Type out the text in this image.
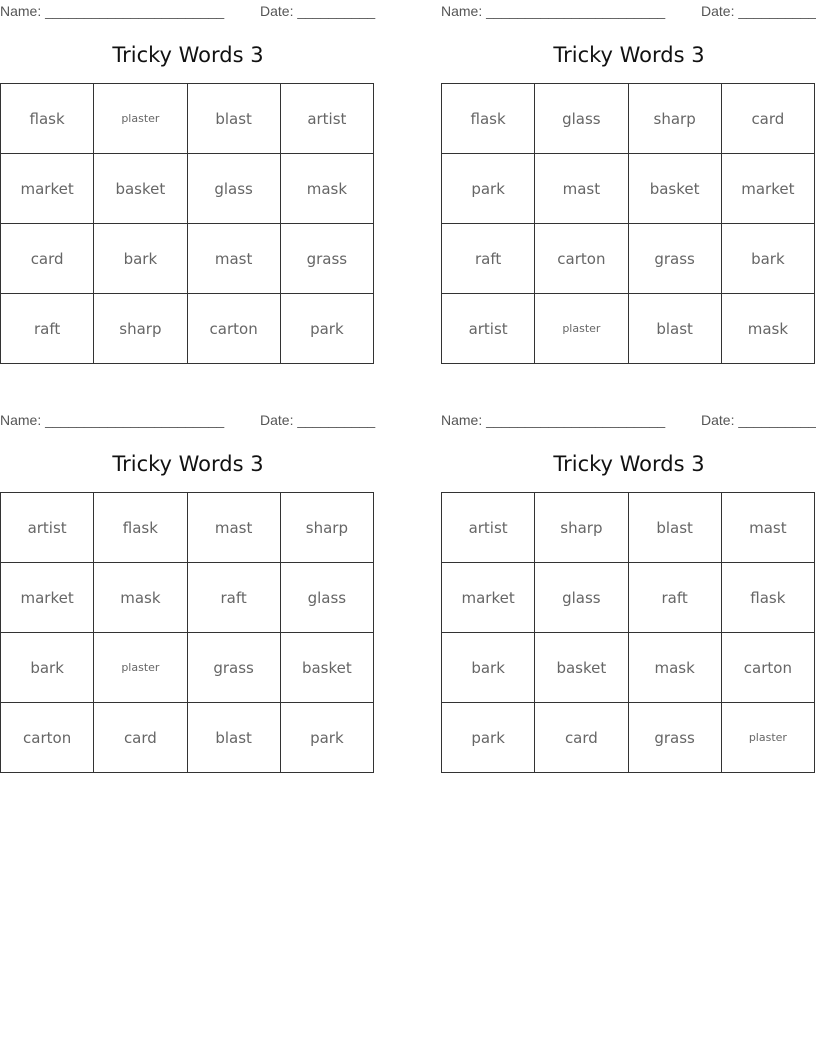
Name: _______________________	Date: __________
Tricky Words 3
flask	plaster	blast	artist
market	basket	glass	mask
card	bark	mast	grass
raft	sharp	carton	park
Name: _______________________	Date: __________
Tricky Words 3
flask	glass	sharp	card
park	mast	basket	market
raft	carton	grass	bark
artist	plaster	blast	mask
Name: _______________________	Date: __________
Tricky Words 3
artist	flask	mast	sharp
market	mask	raft	glass
bark	plaster	grass	basket
carton	card	blast	park
Name: _______________________	Date: __________
Tricky Words 3
artist	sharp	blast	mast
market	glass	raft	flask
bark	basket	mask	carton
park	card	grass	plaster
